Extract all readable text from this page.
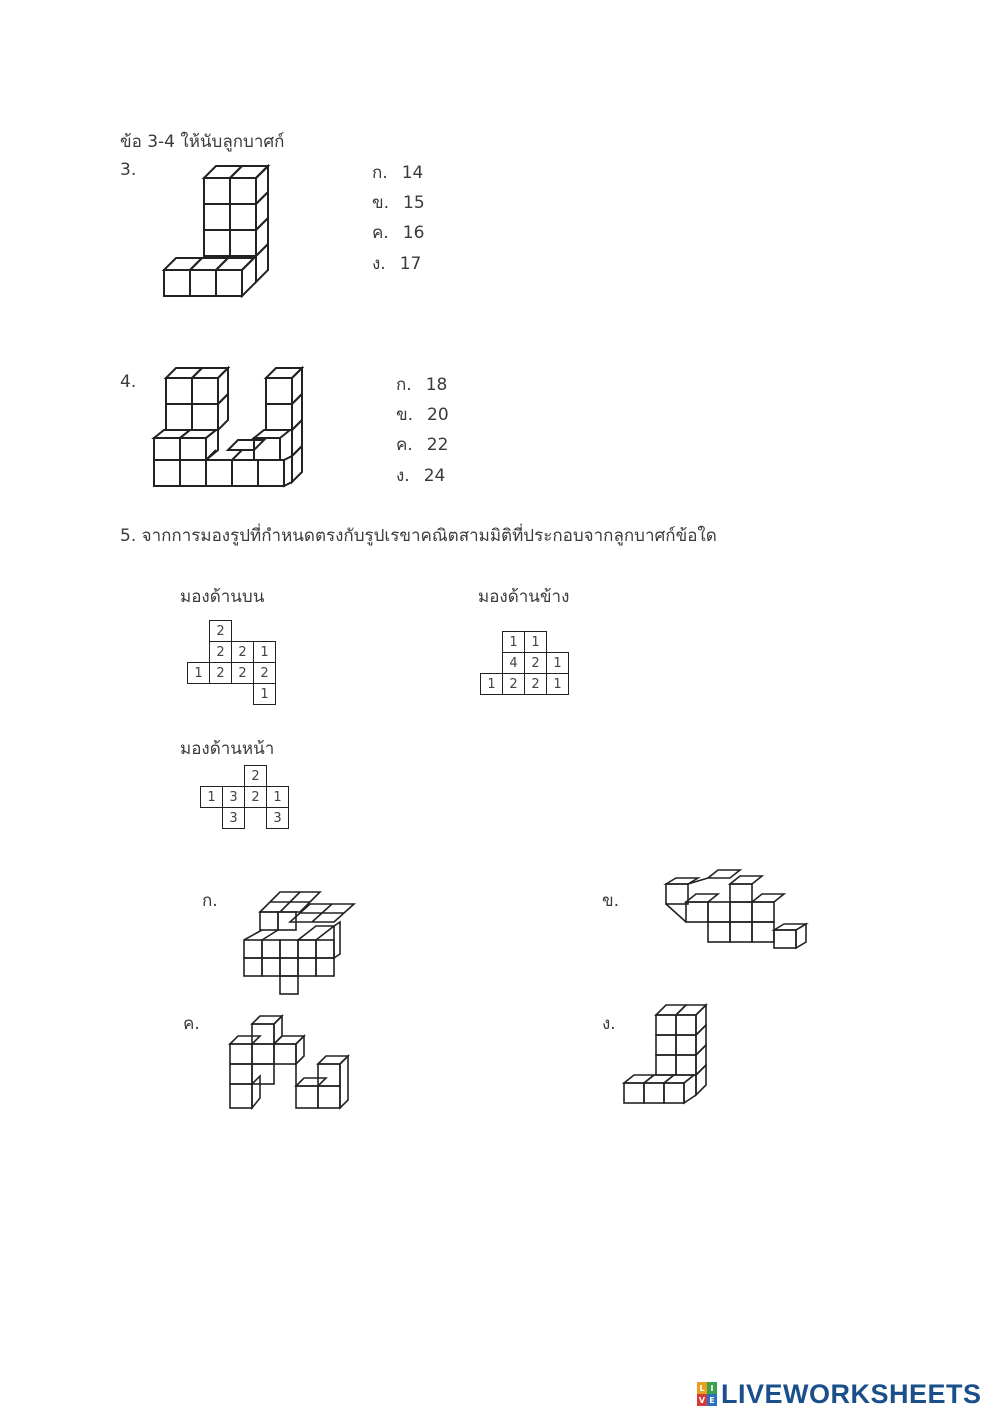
ข้อ 3-4 ให้นับลูกบาศก์
3.	ก. 14
ข. 15
ค. 16
ง. 17
4.	ก. 18
ข. 20
ค. 22
ง. 24
5. จากการมองรูปที่กำหนดตรงกับรูปเรขาคณิตสามมิติที่ประกอบจากลูกบาศก์ข้อใด
มองด้านบน
	2		
	2	2	1
1	2	2	2
			1
มองด้านข้าง
	1	1	
	4	2	1
1	2	2	1
มองด้านหน้า
		2	
1	3	2	1
	3		3
ก.	ข.
ค.	ง.
L I
V E LIVEWORKSHEETS
